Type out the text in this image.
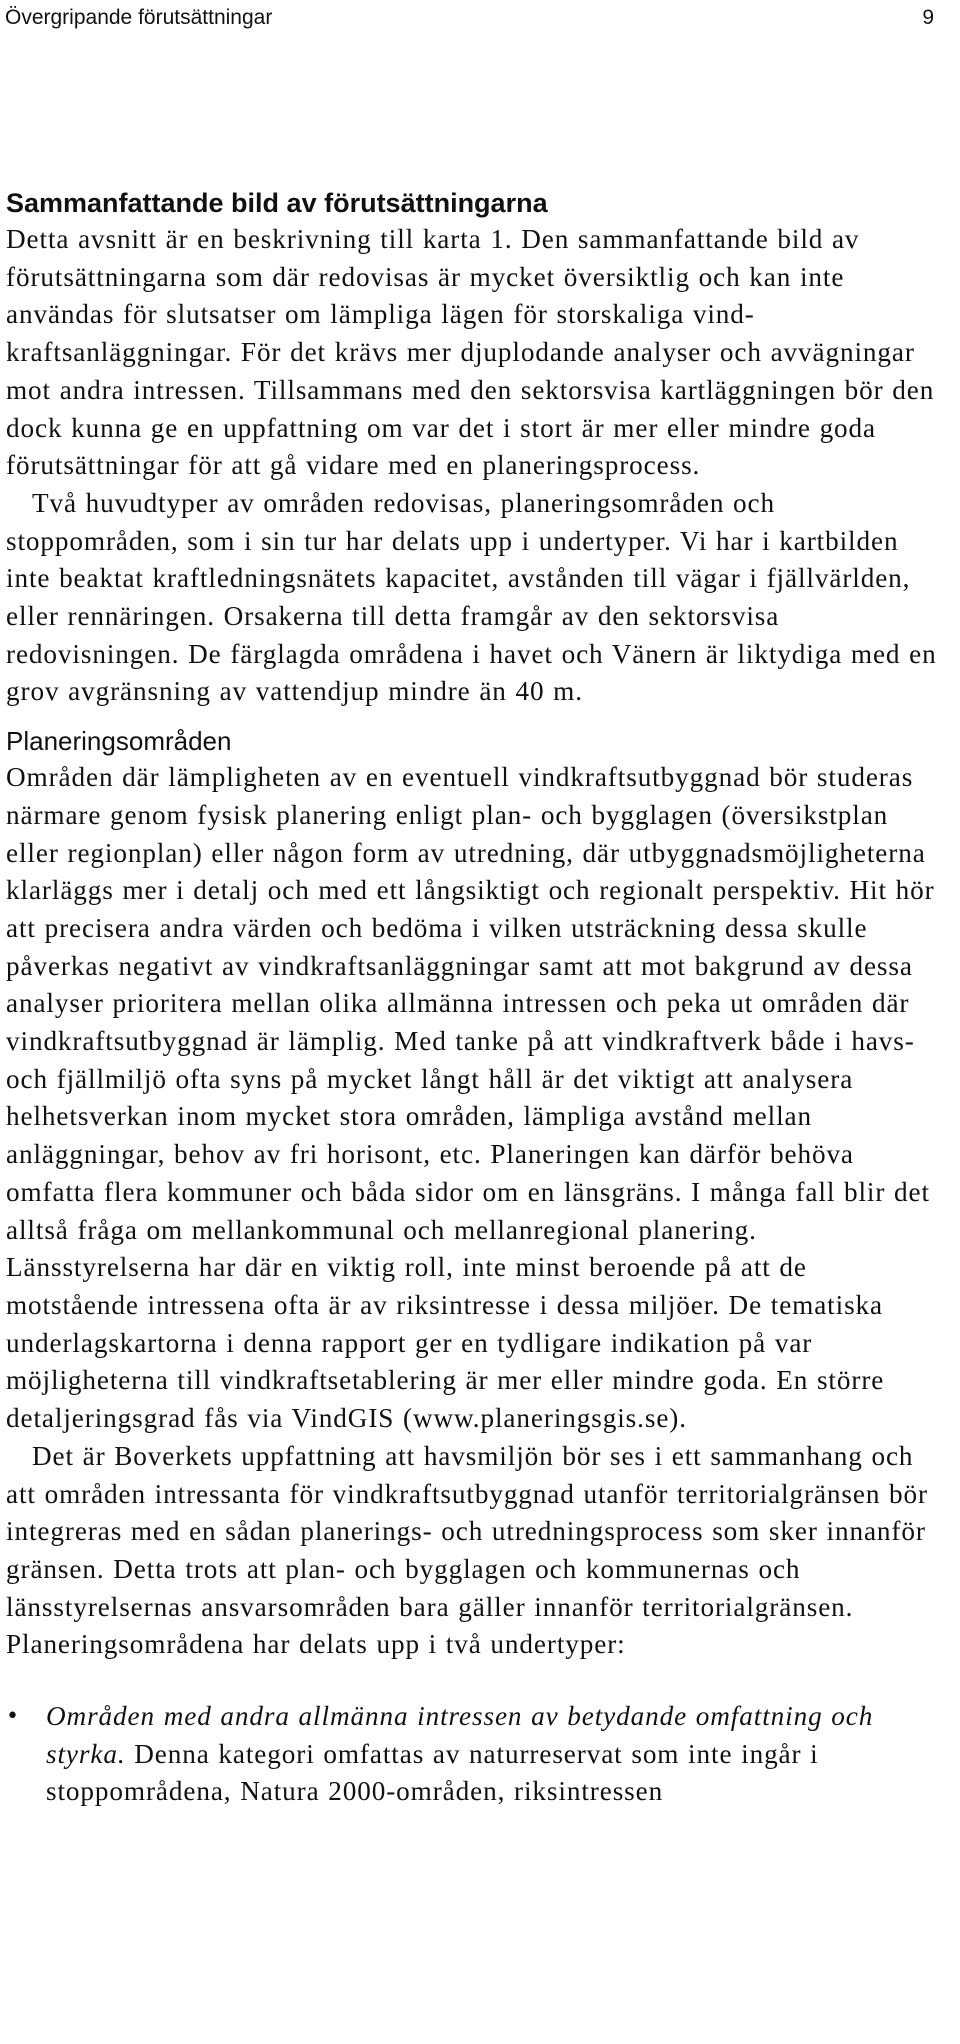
Övergripande förutsättningar	9
Sammanfattande bild av förutsättningarna

Detta avsnitt är en beskrivning till karta 1. Den sammanfattande bild av förutsättningarna som där redovisas är mycket översiktlig och kan inte användas för slutsatser om lämpliga lägen för storskaliga vindkraftsanläggningar. För det krävs mer djuplodande analyser och avvägningar mot andra intressen. Tillsammans med den sektorsvisa kartläggningen bör den dock kunna ge en uppfattning om var det i stort är mer eller mindre goda förutsättningar för att gå vidare med en planeringsprocess.

Två huvudtyper av områden redovisas, planeringsområden och stoppområden, som i sin tur har delats upp i undertyper. Vi har i kartbilden inte beaktat kraftledningsnätets kapacitet, avstånden till vägar i fjällvärlden, eller rennäringen. Orsakerna till detta framgår av den sektorsvisa redovisningen. De färglagda områdena i havet och Vänern är liktydiga med en grov avgränsning av vattendjup mindre än 40 m.

Planeringsområden

Områden där lämpligheten av en eventuell vindkraftsutbyggnad bör studeras närmare genom fysisk planering enligt plan- och bygglagen (översikstplan eller regionplan) eller någon form av utredning, där utbyggnadsmöjligheterna klarläggs mer i detalj och med ett långsiktigt och regionalt perspektiv. Hit hör att precisera andra värden och bedöma i vilken utsträckning dessa skulle påverkas negativt av vindkraftsanläggningar samt att mot bakgrund av dessa analyser prioritera mellan olika allmänna intressen och peka ut områden där vindkraftsutbyggnad är lämplig. Med tanke på att vindkraftverk både i havs- och fjällmiljö ofta syns på mycket långt håll är det viktigt att analysera helhetsverkan inom mycket stora områden, lämpliga avstånd mellan anläggningar, behov av fri horisont, etc. Planeringen kan därför behöva omfatta flera kommuner och båda sidor om en länsgräns. I många fall blir det alltså fråga om mellankommunal och mellanregional planering. Länsstyrelserna har där en viktig roll, inte minst beroende på att de motstående intressena ofta är av riksintresse i dessa miljöer. De tematiska underlagskartorna i denna rapport ger en tydligare indikation på var möjligheterna till vindkraftsetablering är mer eller mindre goda. En större detaljeringsgrad fås via VindGIS (www.planeringsgis.se).

Det är Boverkets uppfattning att havsmiljön bör ses i ett sammanhang och att områden intressanta för vindkraftsutbyggnad utanför territorialgränsen bör integreras med en sådan planerings- och utredningsprocess som sker innanför gränsen. Detta trots att plan- och bygglagen och kommunernas och länsstyrelsernas ansvarsområden bara gäller innanför territorialgränsen. Planeringsområdena har delats upp i två undertyper:

• Områden med andra allmänna intressen av betydande omfattning och styrka. Denna kategori omfattas av naturreservat som inte ingår i stoppområdena, Natura 2000-områden, riksintressen
